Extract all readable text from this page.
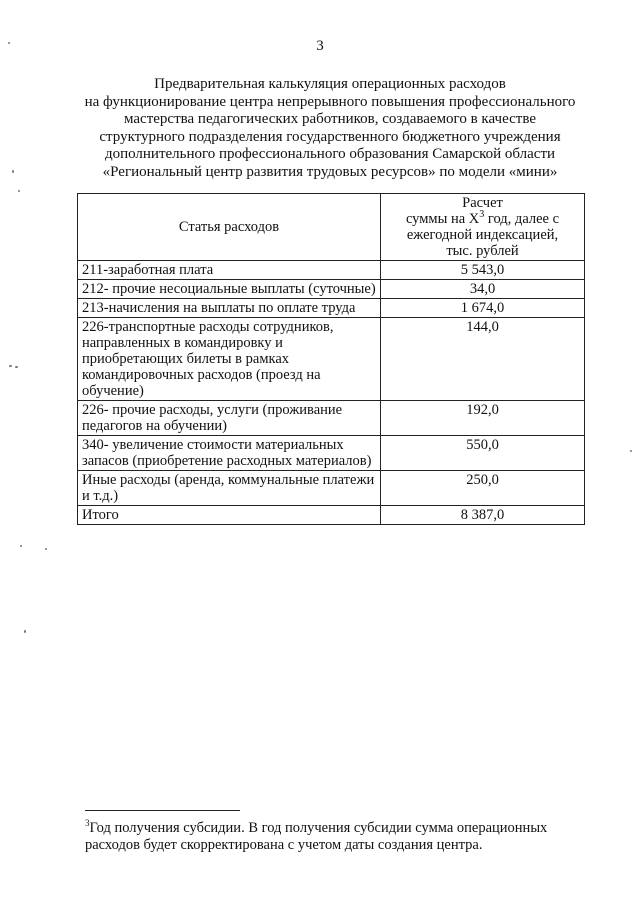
3
Предварительная калькуляция операционных расходов
на функционирование центра непрерывного повышения профессионального
мастерства педагогических работников, создаваемого в качестве
структурного подразделения государственного бюджетного учреждения
дополнительного профессионального образования Самарской области
«Региональный центр развития трудовых ресурсов» по модели «мини»
Статья расходов	Расчет
суммы на $X^3$ год, далее с
ежегодной индексацией,
тыс. рублей

211-заработная плата	5 543,0
212- прочие несоциальные выплаты (суточные)	34,0
213-начисления на выплаты по оплате труда	1 674,0
226-транспортные расходы сотрудников, направленных в командировку и приобретающих билеты в рамках командировочных расходов (проезд на обучение)	144,0
226- прочие расходы, услуги (проживание педагогов на обучении)	192,0
340- увеличение стоимости материальных запасов (приобретение расходных материалов)	550,0
Иные расходы (аренда, коммунальные платежи и т.д.)	250,0
Итого	8 387,0
$^3$Год получения субсидии. В год получения субсидии сумма операционных
расходов будет скорректирована с учетом даты создания центра.
